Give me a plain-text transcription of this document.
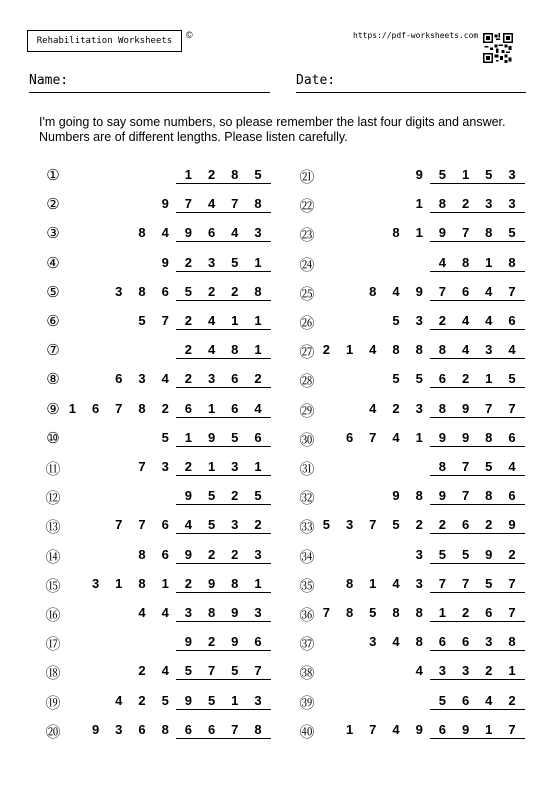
Rehabilitation Worksheets
©	https://pdf-worksheets.com
Name:	Date:
I'm going to say some numbers, so please remember the last four digits and answer.
Numbers are of different lengths. Please listen carefully.
①	1 2 8 5
②	9 7 4 7 8
③	8 4 9 6 4 3
④	9 2 3 5 1
⑤	3 8 6 5 2 2 8
⑥	5 7 2 4 1 1
⑦	2 4 8 1
⑧	6 3 4 2 3 6 2
⑨ 1 6 7 8 2 6 1 6 4
⑩	5 1 9 5 6
⑪	7 3 2 1 3 1
⑫	9 5 2 5
⑬	7 7 6 4 5 3 2
⑭	8 6 9 2 2 3
⑮ 3 1 8 1 2 9 8 1
⑯	4 4 3 8 9 3
⑰	9 2 9 6
⑱	2 4 5 7 5 7
⑲	4 2 5 9 5 1 3
⑳ 9 3 6 8 6 6 7 8
㉑	9 5 1 5 3
㉒	1 8 2 3 3
㉓	8 1 9 7 8 5
㉔	4 8 1 8
㉕	8 4 9 7 6 4 7
㉖	5 3 2 4 4 6
㉗ 2 1 4 8 8 8 4 3 4
㉘	5 5 6 2 1 5
㉙	4 2 3 8 9 7 7
㉚ 6 7 4 1 9 9 8 6
㉛	8 7 5 4
㉜	9 8 9 7 8 6
㉝ 5 3 7 5 2 2 6 2 9
㉞	3 5 5 9 2
㉟ 8 1 4 3 7 7 5 7
㊱ 7 8 5 8 8 1 2 6 7
㊲	3 4 8 6 6 3 8
㊳	4 3 3 2 1
㊴	5 6 4 2
㊵ 1 7 4 9 6 9 1 7
